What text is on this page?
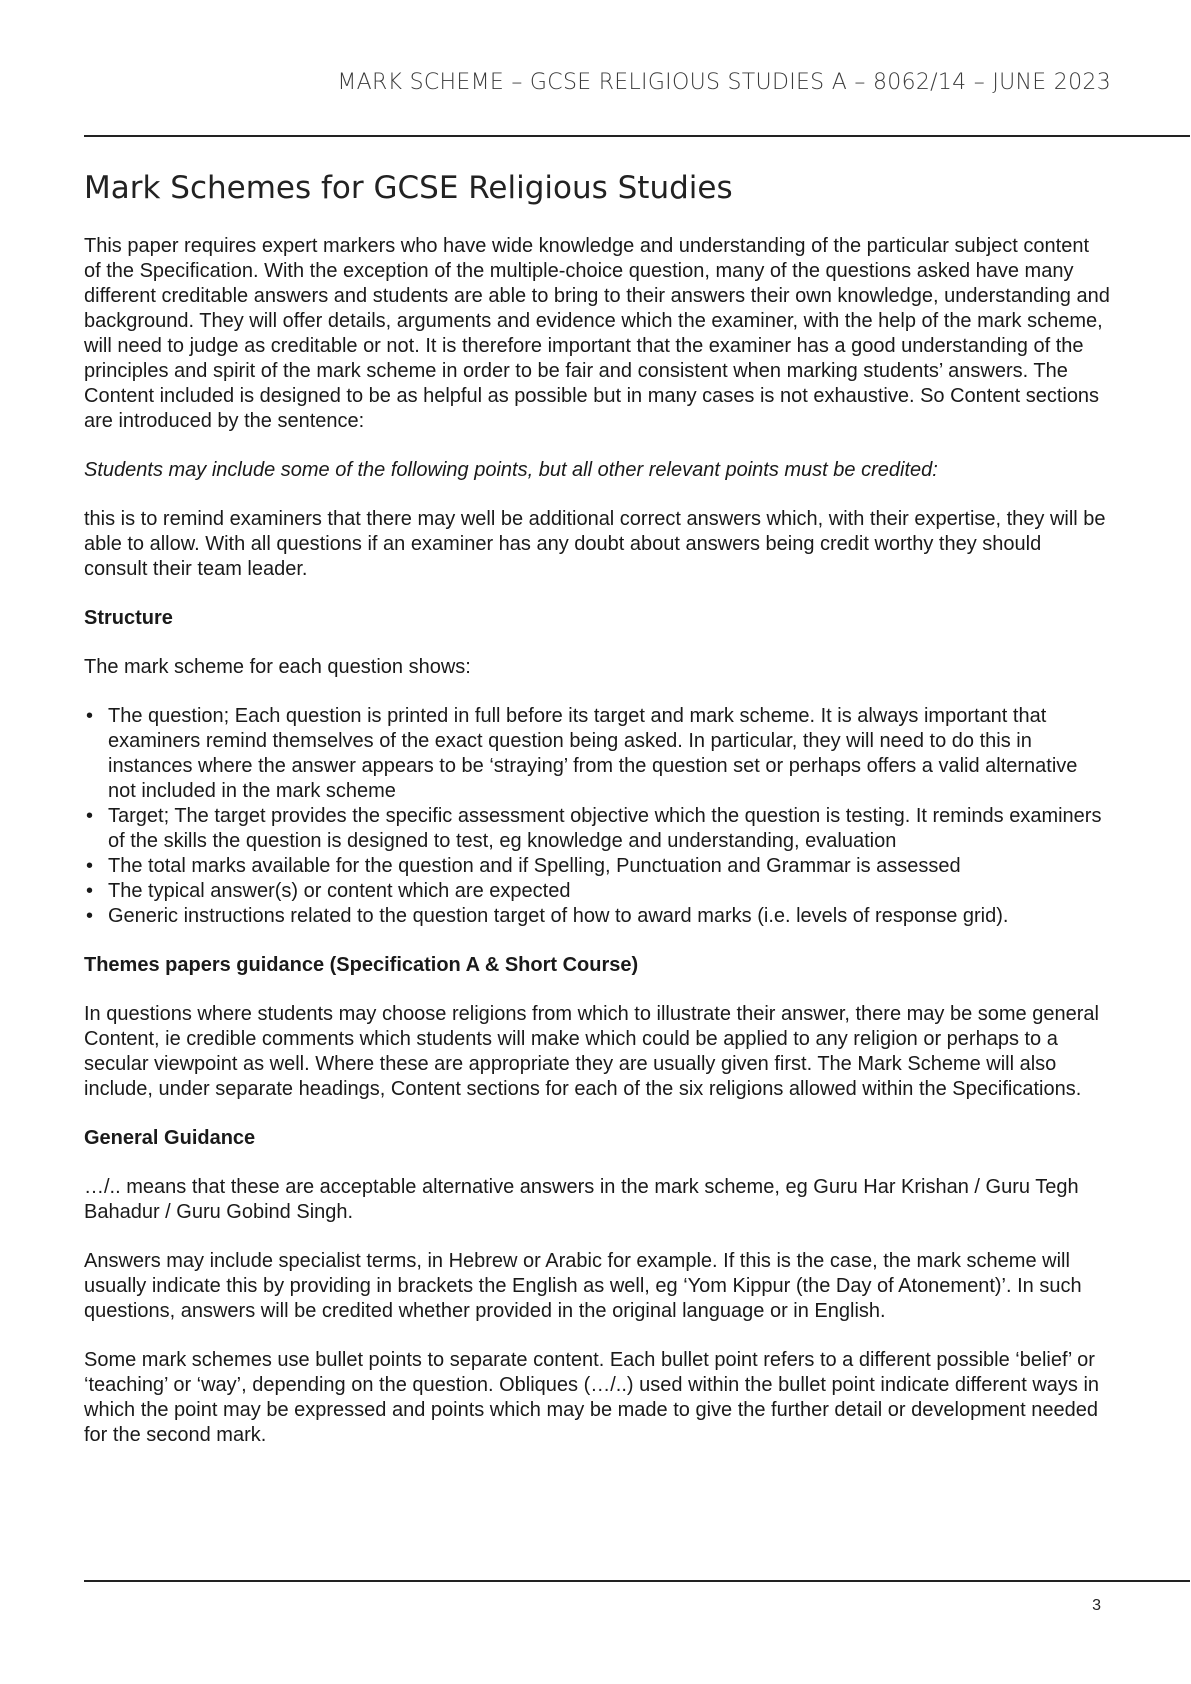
MARK SCHEME – GCSE RELIGIOUS STUDIES A – 8062/14 – JUNE 2023
Mark Schemes for GCSE Religious Studies

This paper requires expert markers who have wide knowledge and understanding of the particular subject content of the Specification. With the exception of the multiple-choice question, many of the questions asked have many different creditable answers and students are able to bring to their answers their own knowledge, understanding and background. They will offer details, arguments and evidence which the examiner, with the help of the mark scheme, will need to judge as creditable or not. It is therefore important that the examiner has a good understanding of the principles and spirit of the mark scheme in order to be fair and consistent when marking students’ answers. The Content included is designed to be as helpful as possible but in many cases is not exhaustive. So Content sections are introduced by the sentence:

Students may include some of the following points, but all other relevant points must be credited:

this is to remind examiners that there may well be additional correct answers which, with their expertise, they will be able to allow. With all questions if an examiner has any doubt about answers being credit worthy they should consult their team leader.

Structure

The mark scheme for each question shows:

• The question; Each question is printed in full before its target and mark scheme. It is always important that examiners remind themselves of the exact question being asked. In particular, they will need to do this in instances where the answer appears to be ‘straying’ from the question set or perhaps offers a valid alternative not included in the mark scheme
• Target; The target provides the specific assessment objective which the question is testing. It reminds examiners of the skills the question is designed to test, eg knowledge and understanding, evaluation
• The total marks available for the question and if Spelling, Punctuation and Grammar is assessed
• The typical answer(s) or content which are expected
• Generic instructions related to the question target of how to award marks (i.e. levels of response grid).
Themes papers guidance (Specification A & Short Course)

In questions where students may choose religions from which to illustrate their answer, there may be some general Content, ie credible comments which students will make which could be applied to any religion or perhaps to a secular viewpoint as well. Where these are appropriate they are usually given first. The Mark Scheme will also include, under separate headings, Content sections for each of the six religions allowed within the Specifications.

General Guidance

…/.. means that these are acceptable alternative answers in the mark scheme, eg Guru Har Krishan / Guru Tegh Bahadur / Guru Gobind Singh.

Answers may include specialist terms, in Hebrew or Arabic for example. If this is the case, the mark scheme will usually indicate this by providing in brackets the English as well, eg ‘Yom Kippur (the Day of Atonement)’. In such questions, answers will be credited whether provided in the original language or in English.

Some mark schemes use bullet points to separate content. Each bullet point refers to a different possible ‘belief’ or ‘teaching’ or ‘way’, depending on the question. Obliques (…/..) used within the bullet point indicate different ways in which the point may be expressed and points which may be made to give the further detail or development needed for the second mark.

3
